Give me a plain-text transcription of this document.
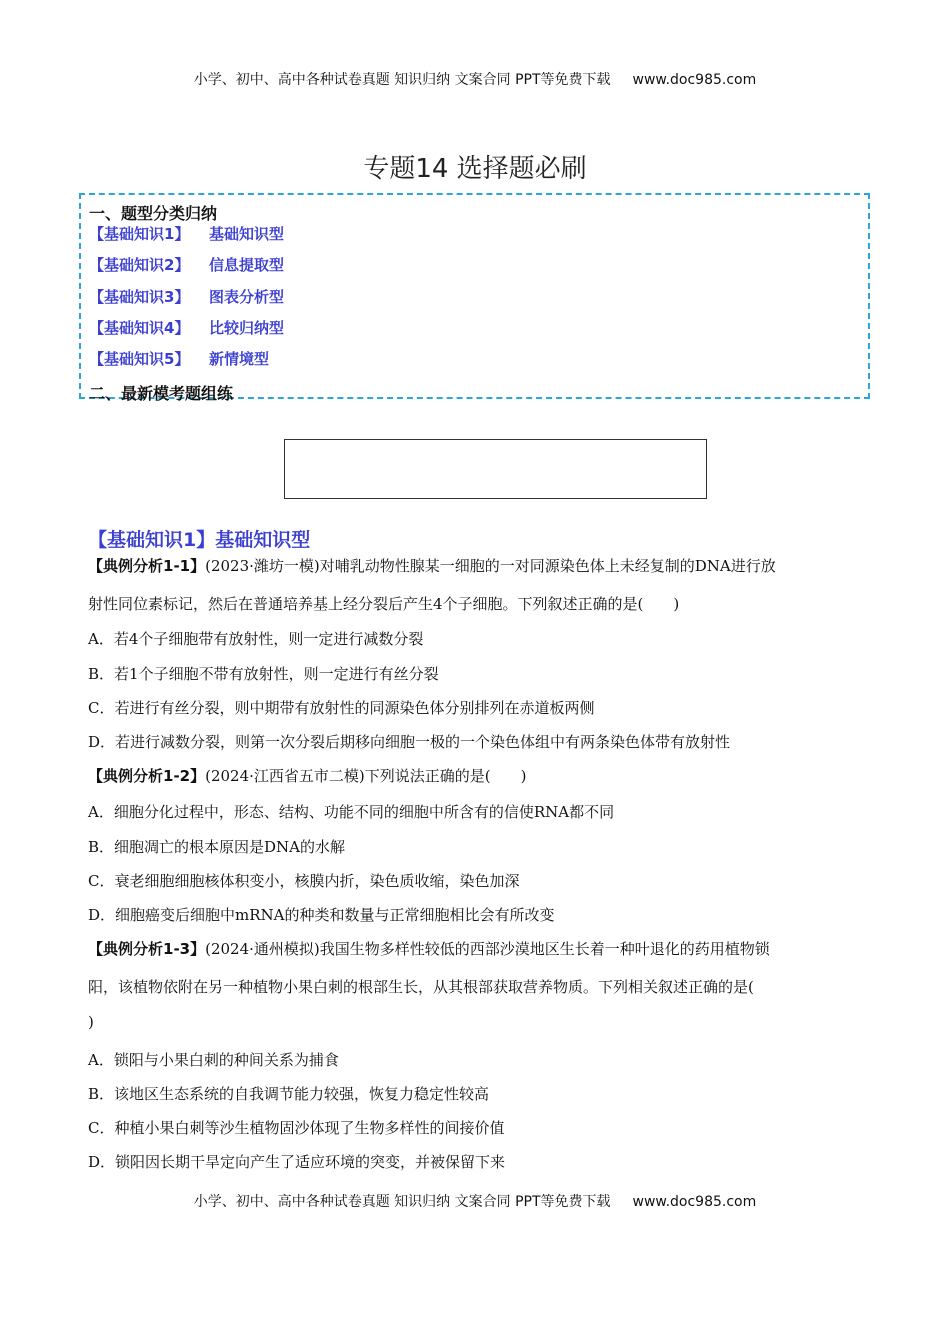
小学、初中、高中各种试卷真题 知识归纳 文案合同 PPT等免费下载 www.doc985.com
专题14 选择题必刷
一、题型分类归纳
【基础知识1】 基础知识型
【基础知识2】 信息提取型
【基础知识3】 图表分析型
【基础知识4】 比较归纳型
【基础知识5】 新情境型
二、最新模考题组练
【基础知识1】基础知识型
【典例分析1-1】(2023·潍坊一模)对哺乳动物性腺某一细胞的一对同源染色体上未经复制的DNA进行放
射性同位素标记，然后在普通培养基上经分裂后产生4个子细胞。下列叙述正确的是(　　)
A．若4个子细胞带有放射性，则一定进行减数分裂
B．若1个子细胞不带有放射性，则一定进行有丝分裂
C．若进行有丝分裂，则中期带有放射性的同源染色体分别排列在赤道板两侧
D．若进行减数分裂，则第一次分裂后期移向细胞一极的一个染色体组中有两条染色体带有放射性
【典例分析1-2】(2024·江西省五市二模)下列说法正确的是(　　)
A．细胞分化过程中，形态、结构、功能不同的细胞中所含有的信使RNA都不同
B．细胞凋亡的根本原因是DNA的水解
C．衰老细胞细胞核体积变小，核膜内折，染色质收缩，染色加深
D．细胞癌变后细胞中mRNA的种类和数量与正常细胞相比会有所改变
【典例分析1-3】(2024·通州模拟)我国生物多样性较低的西部沙漠地区生长着一种叶退化的药用植物锁
阳，该植物依附在另一种植物小果白刺的根部生长，从其根部获取营养物质。下列相关叙述正确的是(
)
A．锁阳与小果白刺的种间关系为捕食
B．该地区生态系统的自我调节能力较强，恢复力稳定性较高
C．种植小果白刺等沙生植物固沙体现了生物多样性的间接价值
D．锁阳因长期干旱定向产生了适应环境的突变，并被保留下来
小学、初中、高中各种试卷真题 知识归纳 文案合同 PPT等免费下载 www.doc985.com
